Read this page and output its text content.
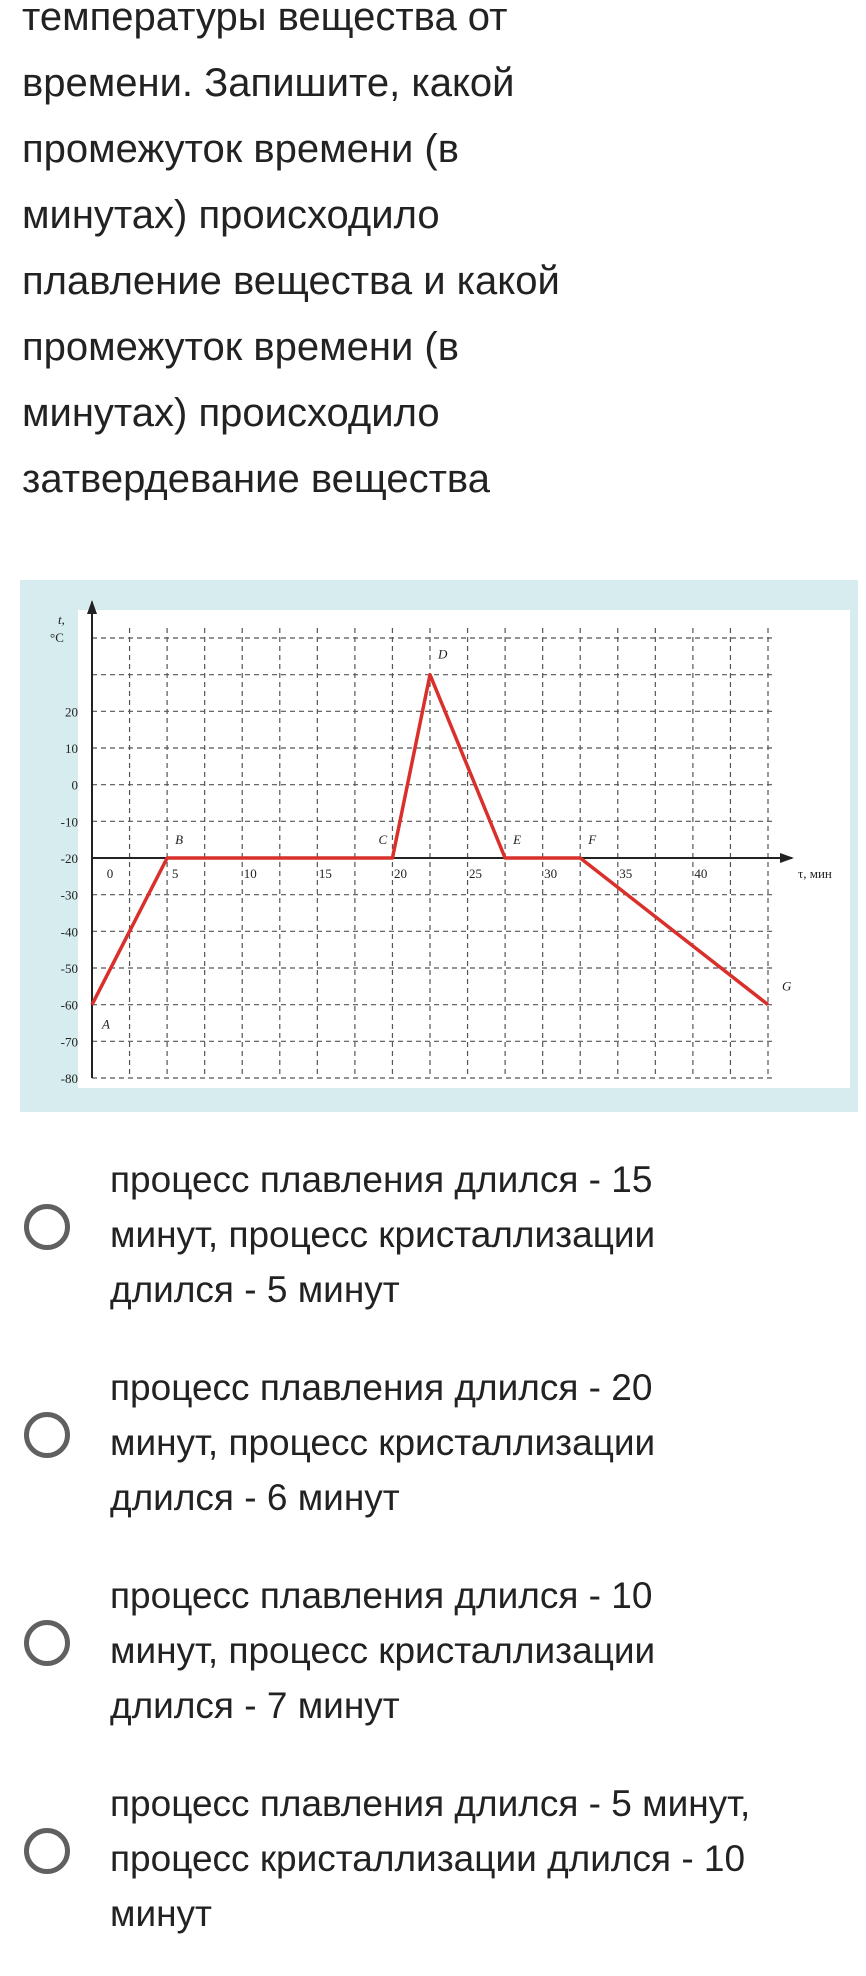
температуры вещества от
времени. Запишите, какой
промежуток времени (в
минутах) происходило
плавление вещества и какой
промежуток времени (в
минутах) происходило
затвердевание вещества
20
10
0
-10
-20
-30
-40
-50
-60
-70
-80
0	5	10	15	20	25	30	35	40
t,
°C
τ, мин
A
B	C
D
E	F
G
процесс плавления длился - 15
минут, процесс кристаллизации
длился - 5 минут
процесс плавления длился - 20
минут, процесс кристаллизации
длился - 6 минут
процесс плавления длился - 10
минут, процесс кристаллизации
длился - 7 минут
процесс плавления длился - 5 минут,
процесс кристаллизации длился - 10
минут
